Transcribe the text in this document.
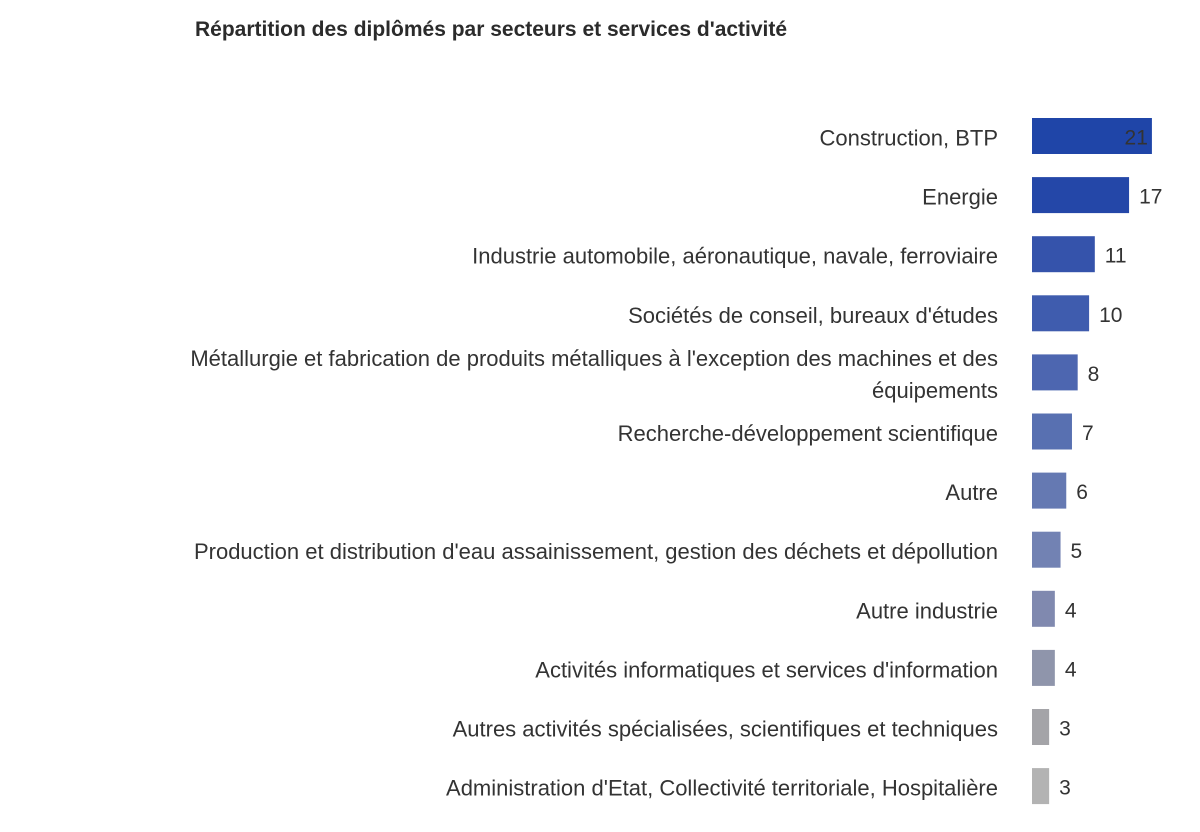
Répartition des diplômés par secteurs et services d'activité
21
Construction, BTP
17
Energie
11
Industrie automobile, aéronautique, navale, ferroviaire
10
Sociétés de conseil, bureaux d'études
8
Métallurgie et fabrication de produits métalliques à l'exception des machines et des
équipements
7
Recherche-développement scientifique
6
Autre
5
Production et distribution d'eau assainissement, gestion des déchets et dépollution
4
Autre industrie
4
Activités informatiques et services d'information
3
Autres activités spécialisées, scientifiques et techniques
3
Administration d'Etat, Collectivité territoriale, Hospitalière
